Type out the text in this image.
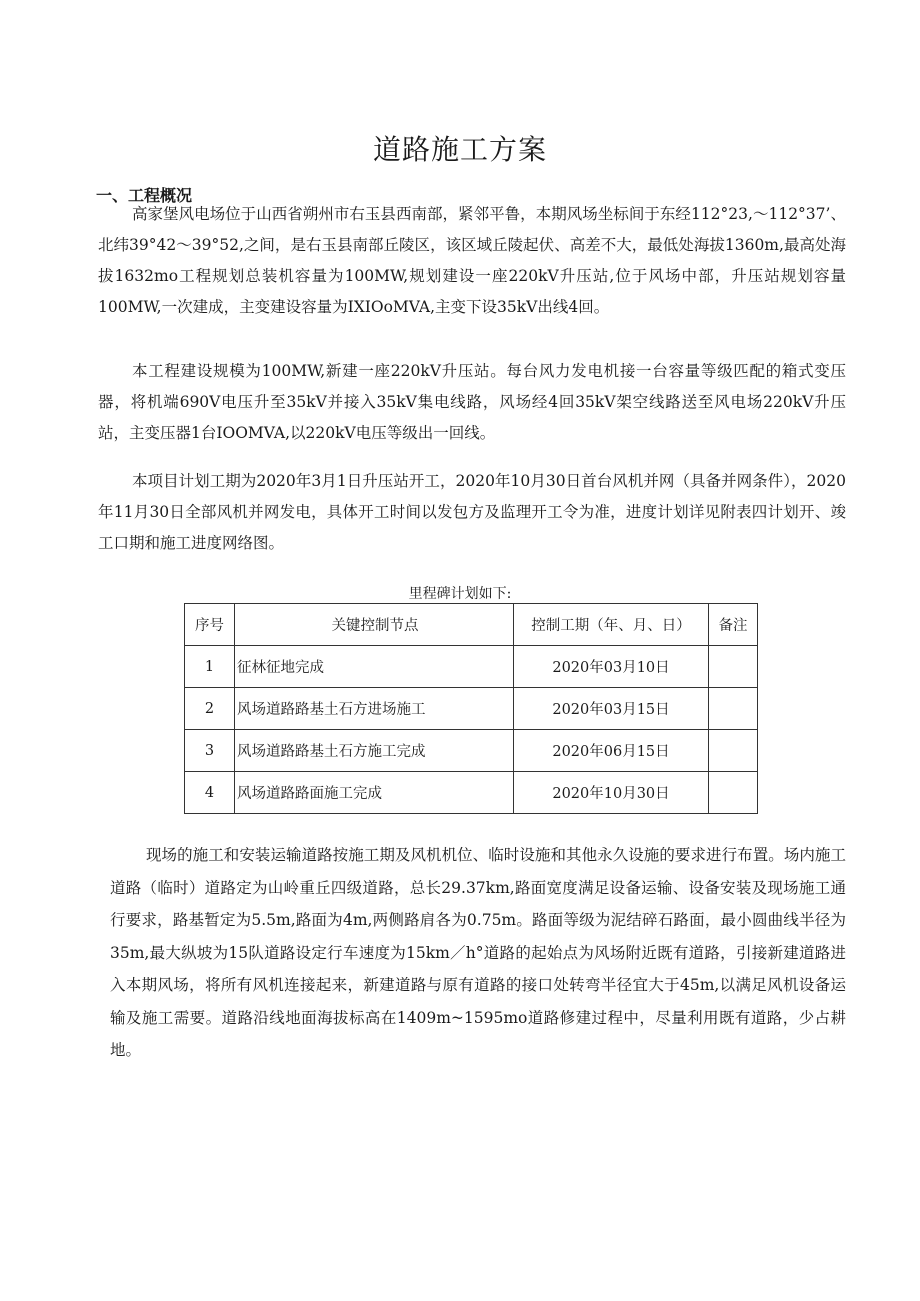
道路施工方案
一、工程概况

高家堡风电场位于山西省朔州市右玉县西南部，紧邻平鲁，本期风场坐标间于东经112°23,～112°37’、北纬39°42～39°52,之间，是右玉县南部丘陵区，该区域丘陵起伏、高差不大，最低处海拔1360m,最高处海拔1632mo工程规划总装机容量为100MW,规划建设一座220kV升压站,位于风场中部，升压站规划容量100MW,一次建成，主变建设容量为IXIOoMVA,主变下设35kV出线4回。

本工程建设规模为100MW,新建一座220kV升压站。每台风力发电机接一台容量等级匹配的箱式变压器，将机端690V电压升至35kV并接入35kV集电线路，风场经4回35kV架空线路送至风电场220kV升压站，主变压器1台IOOMVA,以220kV电压等级出一回线。

本项目计划工期为2020年3月1日升压站开工，2020年10月30日首台风机并网（具备并网条件），2020年11月30日全部风机并网发电，具体开工时间以发包方及监理开工令为准，进度计划详见附表四计划开、竣工口期和施工进度网络图。

里程碑计划如下:
序号	关键控制节点	控制工期（年、月、日）	备注
1	征林征地完成	2020年03月10日	
2	风场道路路基土石方进场施工	2020年03月15日	
3	风场道路路基土石方施工完成	2020年06月15日	
4	风场道路路面施工完成	2020年10月30日	

现场的施工和安装运输道路按施工期及风机机位、临时设施和其他永久设施的要求进行布置。场内施工道路（临时）道路定为山岭重丘四级道路，总长29.37km,路面宽度满足设备运输、设备安装及现场施工通行要求，路基暂定为5.5m,路面为4m,两侧路肩各为0.75m。路面等级为泥结碎石路面，最小圆曲线半径为35m,最大纵坡为15队道路设定行车速度为15km／h°道路的起始点为风场附近既有道路，引接新建道路进入本期风场，将所有风机连接起来，新建道路与原有道路的接口处转弯半径宜大于45m,以满足风机设备运输及施工需要。道路沿线地面海拔标高在1409m~1595mo道路修建过程中，尽量利用既有道路，少占耕地。
